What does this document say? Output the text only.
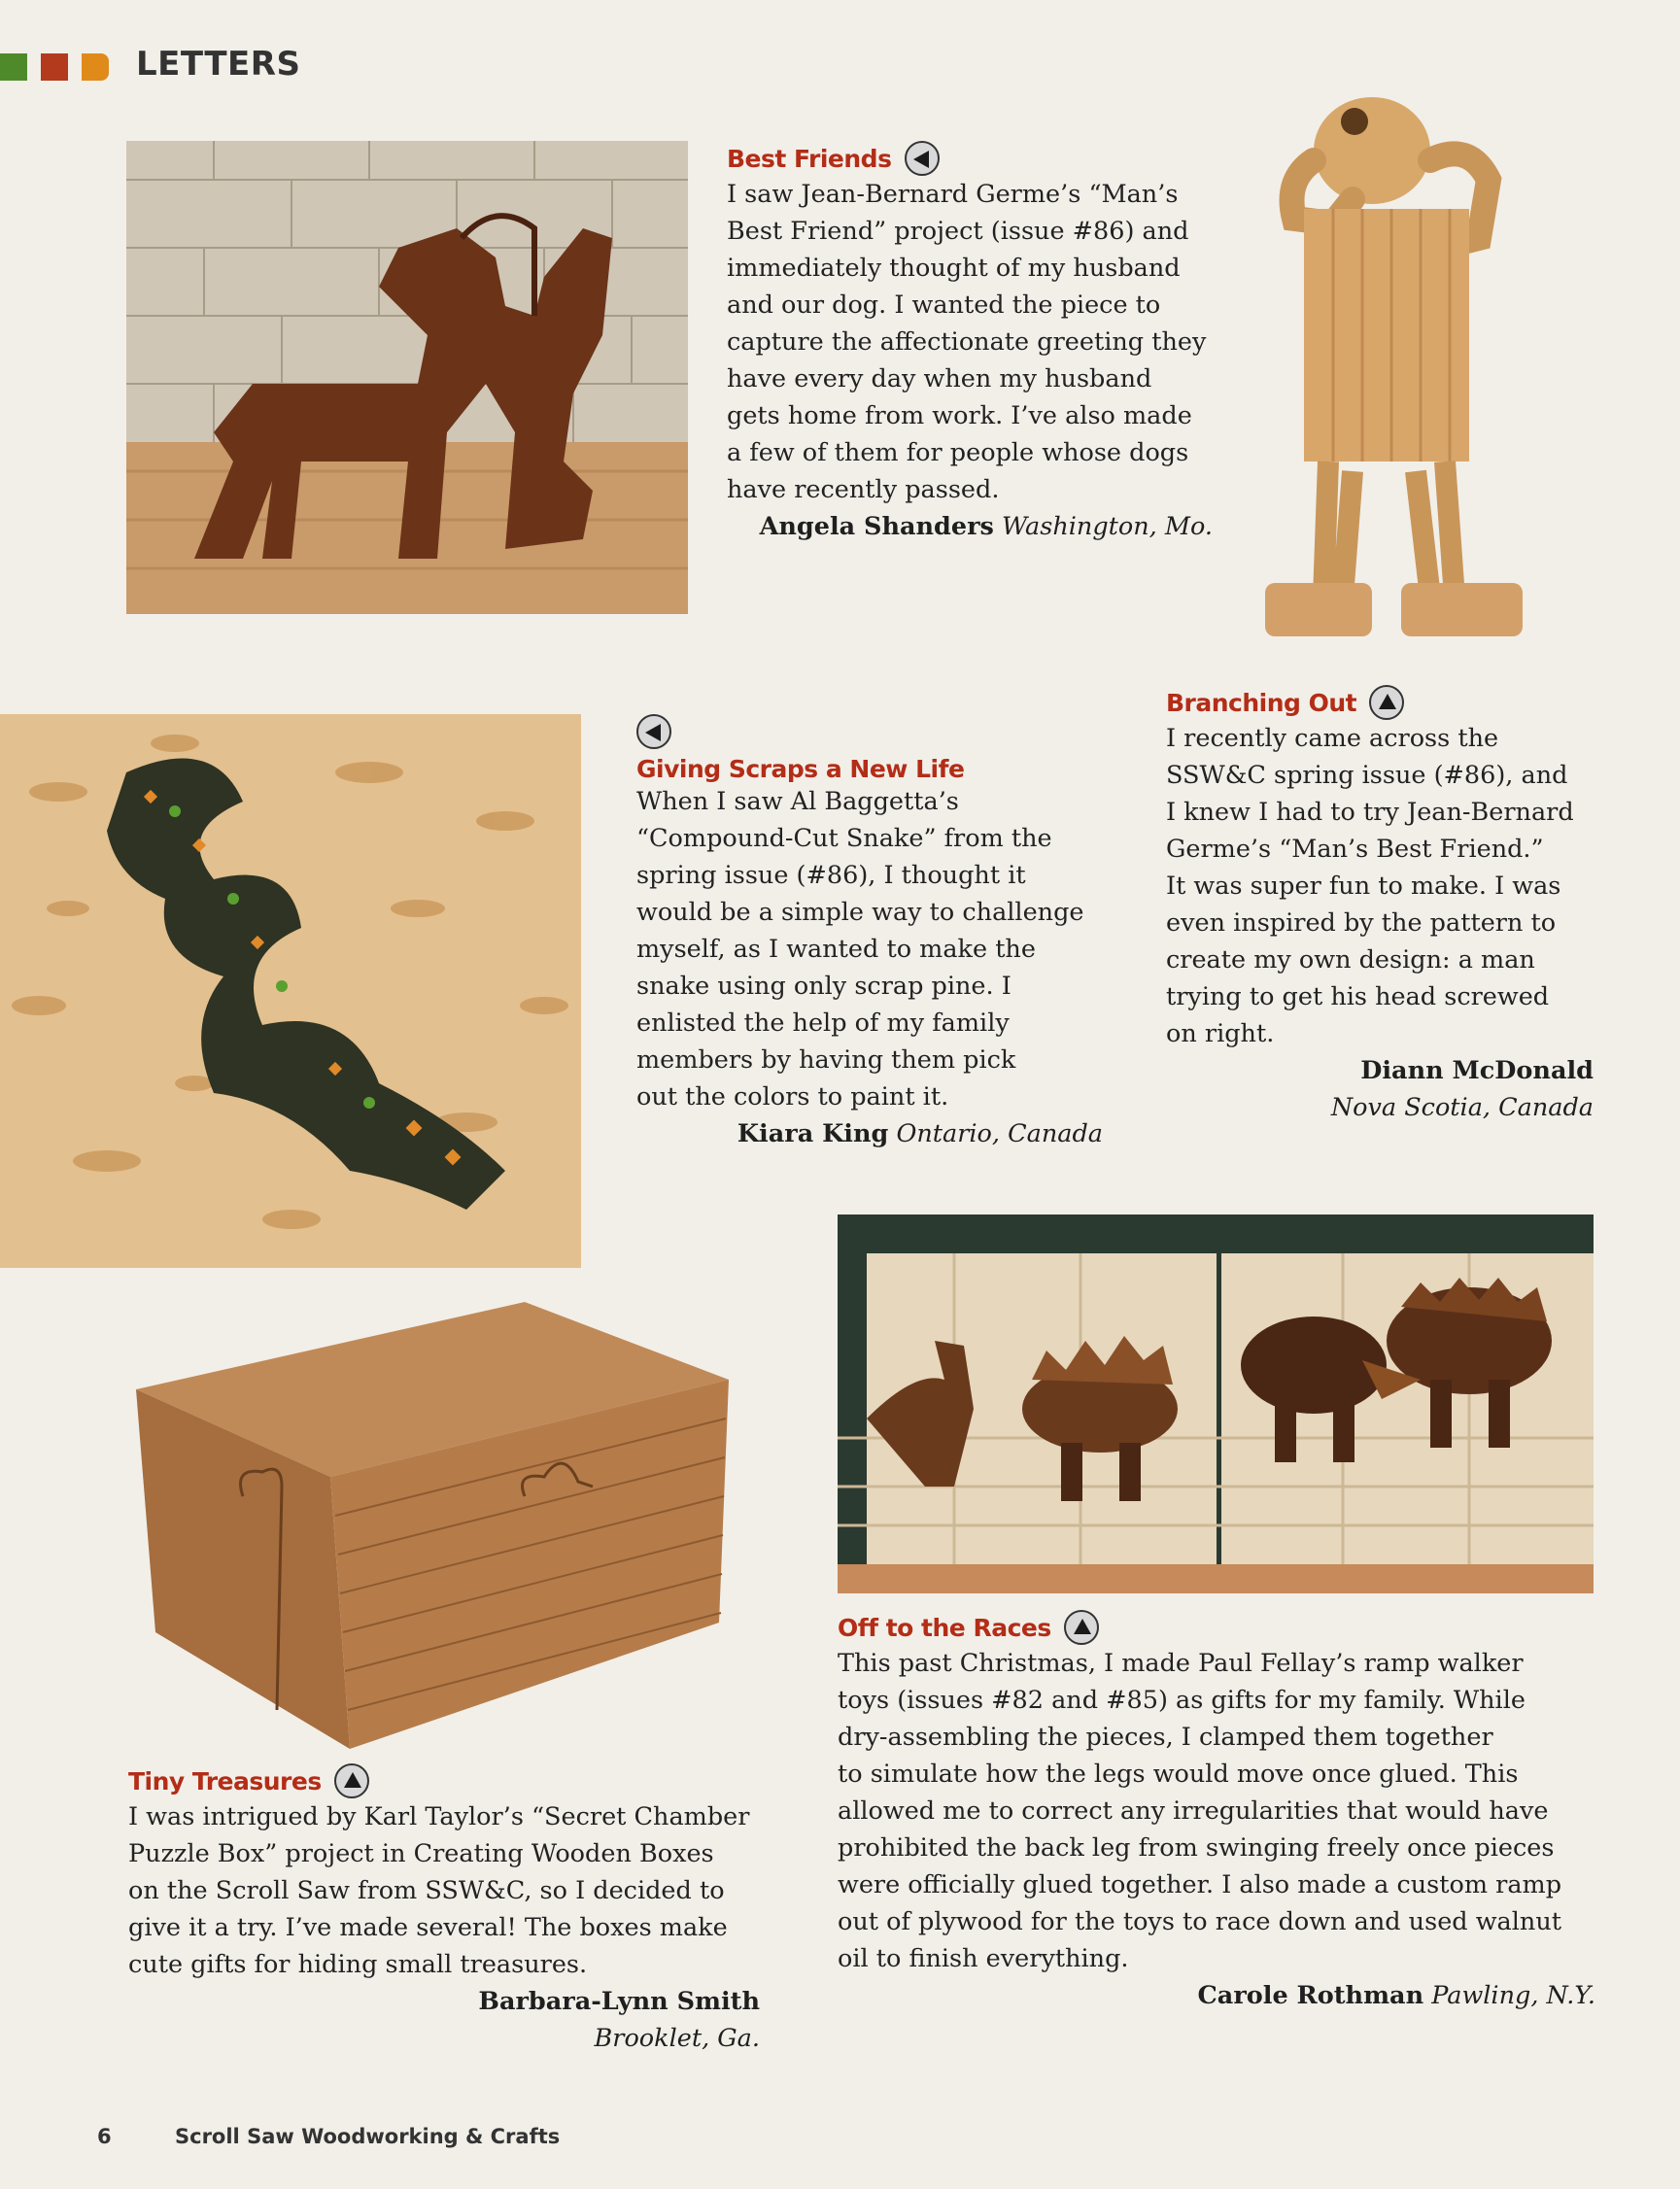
LETTERS
Best Friends

I saw Jean-Bernard Germe’s “Man’s
Best Friend” project (issue #86) and
immediately thought of my husband
and our dog. I wanted the piece to
capture the affectionate greeting they
have every day when my husband
gets home from work. I’ve also made
a few of them for people whose dogs
have recently passed.

Angela Shanders Washington, Mo.
Giving Scraps a New Life

When I saw Al Baggetta’s
“Compound-Cut Snake” from the
spring issue (#86), I thought it
would be a simple way to challenge
myself, as I wanted to make the
snake using only scrap pine. I
enlisted the help of my family
members by having them pick
out the colors to paint it.

Kiara King Ontario, Canada
Branching Out

I recently came across the
SSW&C spring issue (#86), and
I knew I had to try Jean-Bernard
Germe’s “Man’s Best Friend.”
It was super fun to make. I was
even inspired by the pattern to
create my own design: a man
trying to get his head screwed
on right.

Diann McDonald
Nova Scotia, Canada
Tiny Treasures

I was intrigued by Karl Taylor’s “Secret Chamber
Puzzle Box” project in Creating Wooden Boxes
on the Scroll Saw from SSW&C, so I decided to
give it a try. I’ve made several! The boxes make
cute gifts for hiding small treasures.

Barbara-Lynn Smith
Brooklet, Ga.
Off to the Races

This past Christmas, I made Paul Fellay’s ramp walker
toys (issues #82 and #85) as gifts for my family. While
dry-assembling the pieces, I clamped them together
to simulate how the legs would move once glued. This
allowed me to correct any irregularities that would have
prohibited the back leg from swinging freely once pieces
were officially glued together. I also made a custom ramp
out of plywood for the toys to race down and used walnut
oil to finish everything.

Carole Rothman Pawling, N.Y.
6	Scroll Saw Woodworking & Crafts
